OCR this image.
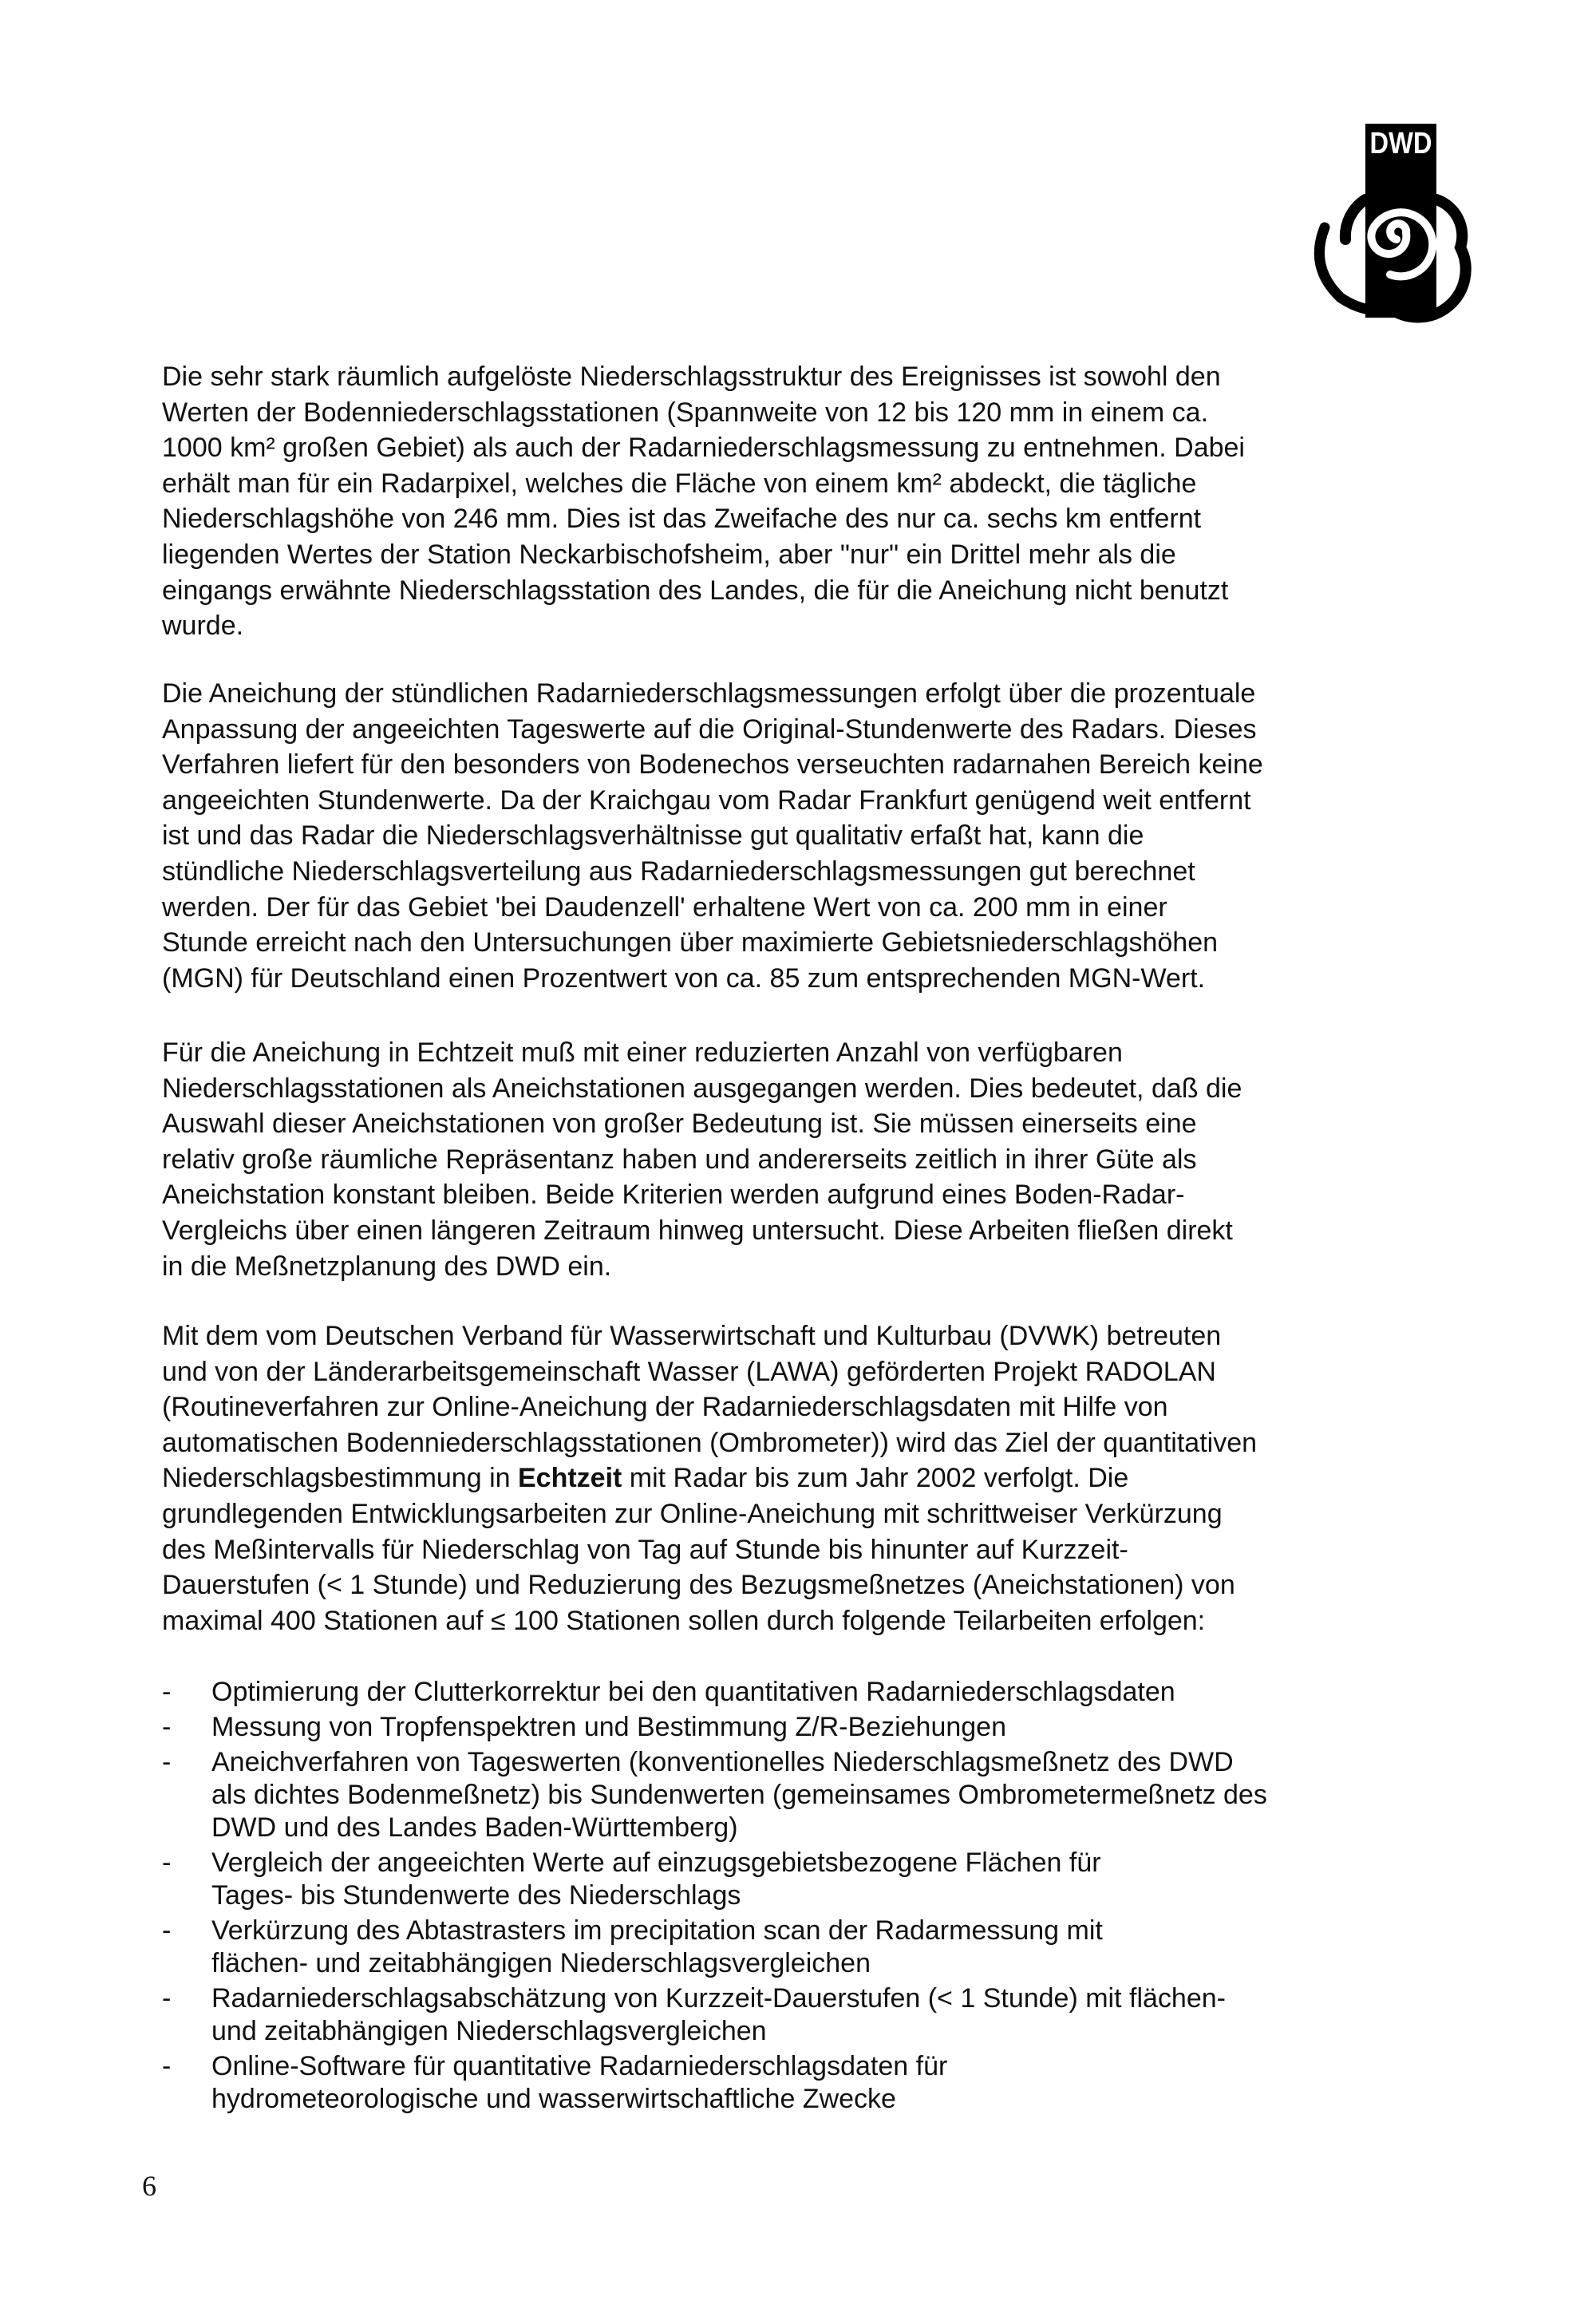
DWD
Die sehr stark räumlich aufgelöste Niederschlagsstruktur des Ereignisses ist sowohl den
Werten der Bodenniederschlagsstationen (Spannweite von 12 bis 120 mm in einem ca.
1000 km² großen Gebiet) als auch der Radarniederschlagsmessung zu entnehmen. Dabei
erhält man für ein Radarpixel, welches die Fläche von einem km² abdeckt, die tägliche
Niederschlagshöhe von 246 mm. Dies ist das Zweifache des nur ca. sechs km entfernt
liegenden Wertes der Station Neckarbischofsheim, aber "nur" ein Drittel mehr als die
eingangs erwähnte Niederschlagsstation des Landes, die für die Aneichung nicht benutzt
wurde.
Die Aneichung der stündlichen Radarniederschlagsmessungen erfolgt über die prozentuale
Anpassung der angeeichten Tageswerte auf die Original-Stundenwerte des Radars. Dieses
Verfahren liefert für den besonders von Bodenechos verseuchten radarnahen Bereich keine
angeeichten Stundenwerte. Da der Kraichgau vom Radar Frankfurt genügend weit entfernt
ist und das Radar die Niederschlagsverhältnisse gut qualitativ erfaßt hat, kann die
stündliche Niederschlagsverteilung aus Radarniederschlagsmessungen gut berechnet
werden. Der für das Gebiet 'bei Daudenzell' erhaltene Wert von ca. 200 mm in einer
Stunde erreicht nach den Untersuchungen über maximierte Gebietsniederschlagshöhen
(MGN) für Deutschland einen Prozentwert von ca. 85 zum entsprechenden MGN-Wert.
Für die Aneichung in Echtzeit muß mit einer reduzierten Anzahl von verfügbaren
Niederschlagsstationen als Aneichstationen ausgegangen werden. Dies bedeutet, daß die
Auswahl dieser Aneichstationen von großer Bedeutung ist. Sie müssen einerseits eine
relativ große räumliche Repräsentanz haben und andererseits zeitlich in ihrer Güte als
Aneichstation konstant bleiben. Beide Kriterien werden aufgrund eines Boden-Radar-
Vergleichs über einen längeren Zeitraum hinweg untersucht. Diese Arbeiten fließen direkt
in die Meßnetzplanung des DWD ein.
Mit dem vom Deutschen Verband für Wasserwirtschaft und Kulturbau (DVWK) betreuten
und von der Länderarbeitsgemeinschaft Wasser (LAWA) geförderten Projekt RADOLAN
(Routineverfahren zur Online-Aneichung der Radarniederschlagsdaten mit Hilfe von
automatischen Bodenniederschlagsstationen (Ombrometer)) wird das Ziel der quantitativen
Niederschlagsbestimmung in Echtzeit mit Radar bis zum Jahr 2002 verfolgt. Die
grundlegenden Entwicklungsarbeiten zur Online-Aneichung mit schrittweiser Verkürzung
des Meßintervalls für Niederschlag von Tag auf Stunde bis hinunter auf Kurzzeit-
Dauerstufen (< 1 Stunde) und Reduzierung des Bezugsmeßnetzes (Aneichstationen) von
maximal 400 Stationen auf ≤ 100 Stationen sollen durch folgende Teilarbeiten erfolgen:
- Optimierung der Clutterkorrektur bei den quantitativen Radarniederschlagsdaten
- Messung von Tropfenspektren und Bestimmung Z/R-Beziehungen
- Aneichverfahren von Tageswerten (konventionelles Niederschlagsmeßnetz des DWD
als dichtes Bodenmeßnetz) bis Sundenwerten (gemeinsames Ombrometermeßnetz des
DWD und des Landes Baden-Württemberg)
- Vergleich der angeeichten Werte auf einzugsgebietsbezogene Flächen für
Tages- bis Stundenwerte des Niederschlags
- Verkürzung des Abtastrasters im precipitation scan der Radarmessung mit
flächen- und zeitabhängigen Niederschlagsvergleichen
- Radarniederschlagsabschätzung von Kurzzeit-Dauerstufen (< 1 Stunde) mit flächen-
und zeitabhängigen Niederschlagsvergleichen
- Online-Software für quantitative Radarniederschlagsdaten für
hydrometeorologische und wasserwirtschaftliche Zwecke
6
